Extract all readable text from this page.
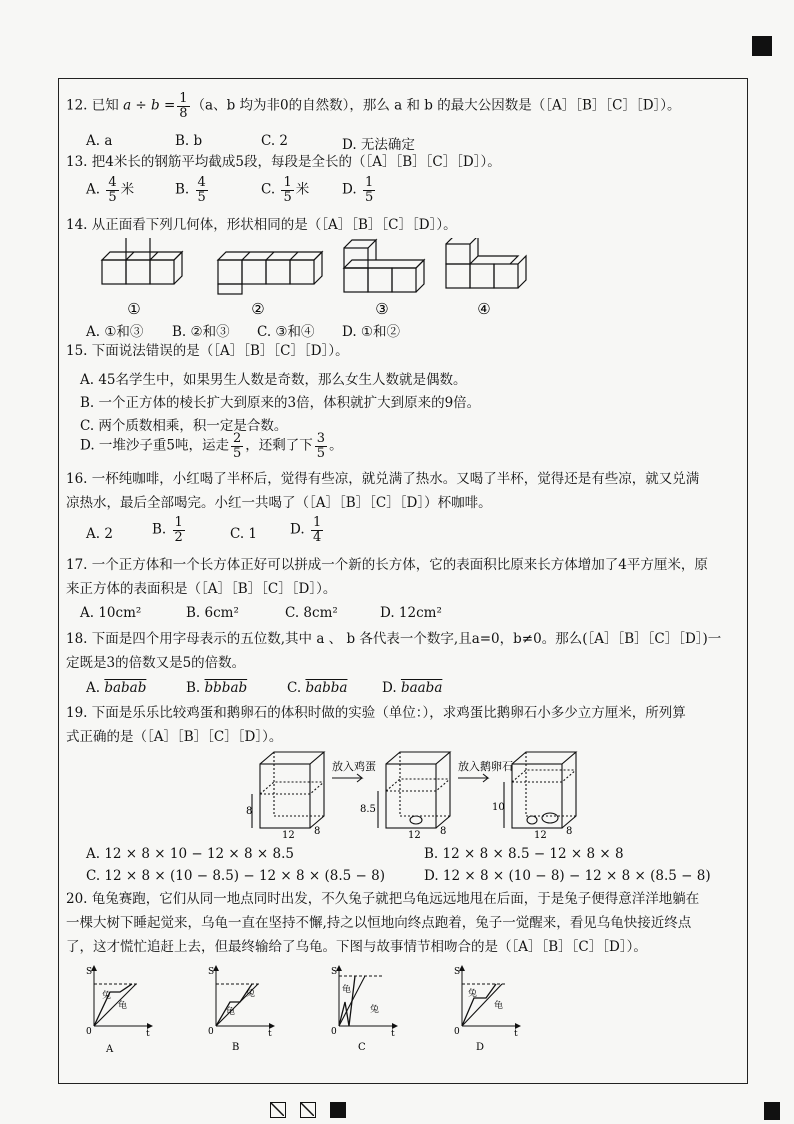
12. 已知 $a \div b = \frac{1}{8} (a$、b 均为非0的自然数），那么 a 和 b 的最大公因数是（［A］［B］［C］［D］）。
A. a	B. b	C. 2	D. 无法确定
13. 把4米长的钢筋平均截成5段，每段是全长的（［A］［B］［C］［D］）。
A. $\frac{4}{5}$ 米	B. $\frac{4}{5}$	C. $\frac{1}{5}$ 米 D. $\frac{1}{5}$
14. 从正面看下列几何体，形状相同的是（［A］［B］［C］［D］）。
①	②	③	④
A. ①和③ B. ②和③ C. ③和④ D. ①和②
15. 下面说法错误的是（［A］［B］［C］［D］）。
A. 45名学生中，如果男生人数是奇数，那么女生人数就是偶数。
B. 一个正方体的棱长扩大到原来的3倍，体积就扩大到原来的9倍。
C. 两个质数相乘，积一定是合数。
D. 一堆沙子重5吨，运走 $\frac{2}{5}$ ，还剩了下 $\frac{3}{5}$ 。
16. 一杯纯咖啡，小红喝了半杯后，觉得有些凉，就兑满了热水。又喝了半杯，觉得还是有些凉，就又兑满
凉热水，最后全部喝完。小红一共喝了（［A］［B］［C］［D］）杯咖啡。
A. 2	B. $\frac{1}{2}$	C. 1 D. $\frac{1}{4}$
17. 一个正方体和一个长方体正好可以拼成一个新的长方体，它的表面积比原来长方体增加了4平方厘米，原
来正方体的表面积是（［A］［B］［C］［D］）。
A. 10cm²	B. 6cm²	C. 8cm²	D. 12cm²
18. 下面是四个用字母表示的五位数,其中 a 、 b 各代表一个数字,且a=0，b≠0。那么(［A］［B］［C］［D］)一
定既是3的倍数又是5的倍数。
A. babab	B. bbbab	C. babba	D. baaba
19. 下面是乐乐比较鸡蛋和鹅卵石的体积时做的实验（单位：），求鸡蛋比鹅卵石小多少立方厘米，所列算
式正确的是（［A］［B］［C］［D］）。
放入鸡蛋	放入鹅卵石
8
12 8
8.5
12 8
10
12 8
A. 12 × 8 × 10 − 12 × 8 × 8.5	B. 12 × 8 × 8.5 − 12 × 8 × 8
C. 12 × 8 × (10 − 8.5) − 12 × 8 × (8.5 − 8)	D. 12 × 8 × (10 − 8) − 12 × 8 × (8.5 − 8)
20. 龟兔赛跑，它们从同一地点同时出发，不久兔子就把乌龟远远地甩在后面，于是兔子便得意洋洋地躺在
一棵大树下睡起觉来，乌龟一直在坚持不懈,持之以恒地向终点跑着，兔子一觉醒来，看见乌龟快接近终点
了，这才慌忙追赶上去，但最终输给了乌龟。下图与故事情节相吻合的是（［A］［B］［C］［D］）。
S
t
0
兔
龟
S
t
0
兔
龟
S
t
0
龟
兔
S
t
0
兔
龟
A	B	C	D
